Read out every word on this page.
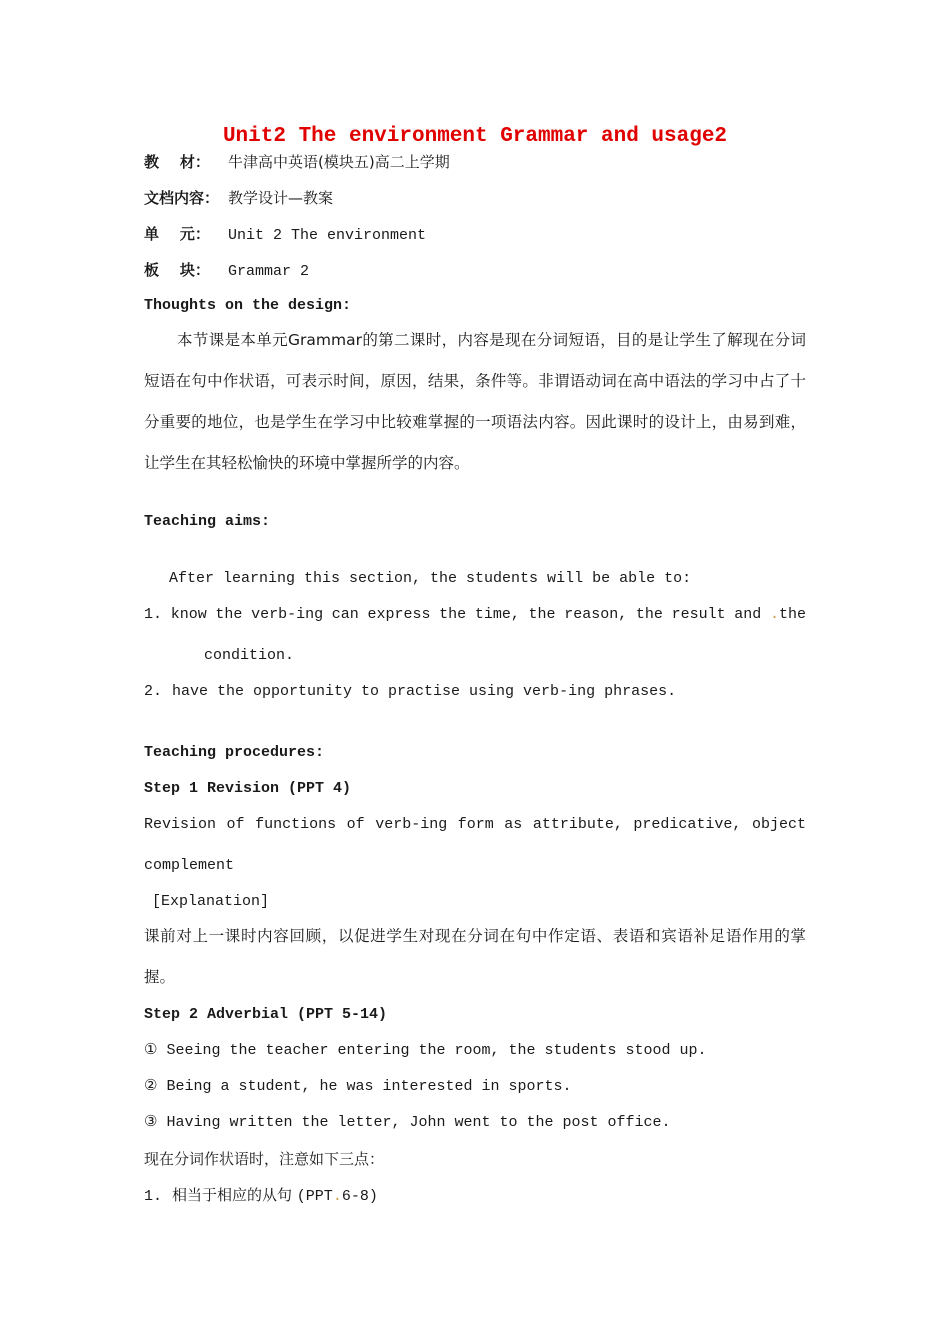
Unit2 The environment Grammar and usage2
教    材： 牛津高中英语(模块五)高二上学期
文档内容： 教学设计—教案
单    元： Unit 2 The environment
板    块： Grammar 2
Thoughts on the design:
本节课是本单元Grammar的第二课时，内容是现在分词短语，目的是让学生了解现在分词短语在句中作状语，可表示时间，原因，结果，条件等。非谓语动词在高中语法的学习中占了十分重要的地位，也是学生在学习中比较难掌握的一项语法内容。因此课时的设计上，由易到难，让学生在其轻松愉快的环境中掌握所学的内容。
Teaching aims:
After learning this section, the students will be able to:
1. know the verb-ing can express the time, the reason, the result and .the
condition.
2. have the opportunity to practise using verb-ing phrases.
Teaching procedures:
Step 1 Revision (PPT 4)
Revision of functions of verb-ing form as attribute, predicative, object
complement
[Explanation]
课前对上一课时内容回顾，以促进学生对现在分词在句中作定语、表语和宾语补足语作用的掌握。
Step 2 Adverbial (PPT 5-14)
① Seeing the teacher entering the room, the students stood up.
② Being a student, he was interested in sports.
③ Having written the letter, John went to the post office.
现在分词作状语时，注意如下三点：
1. 相当于相应的从句 (PPT.6-8)
